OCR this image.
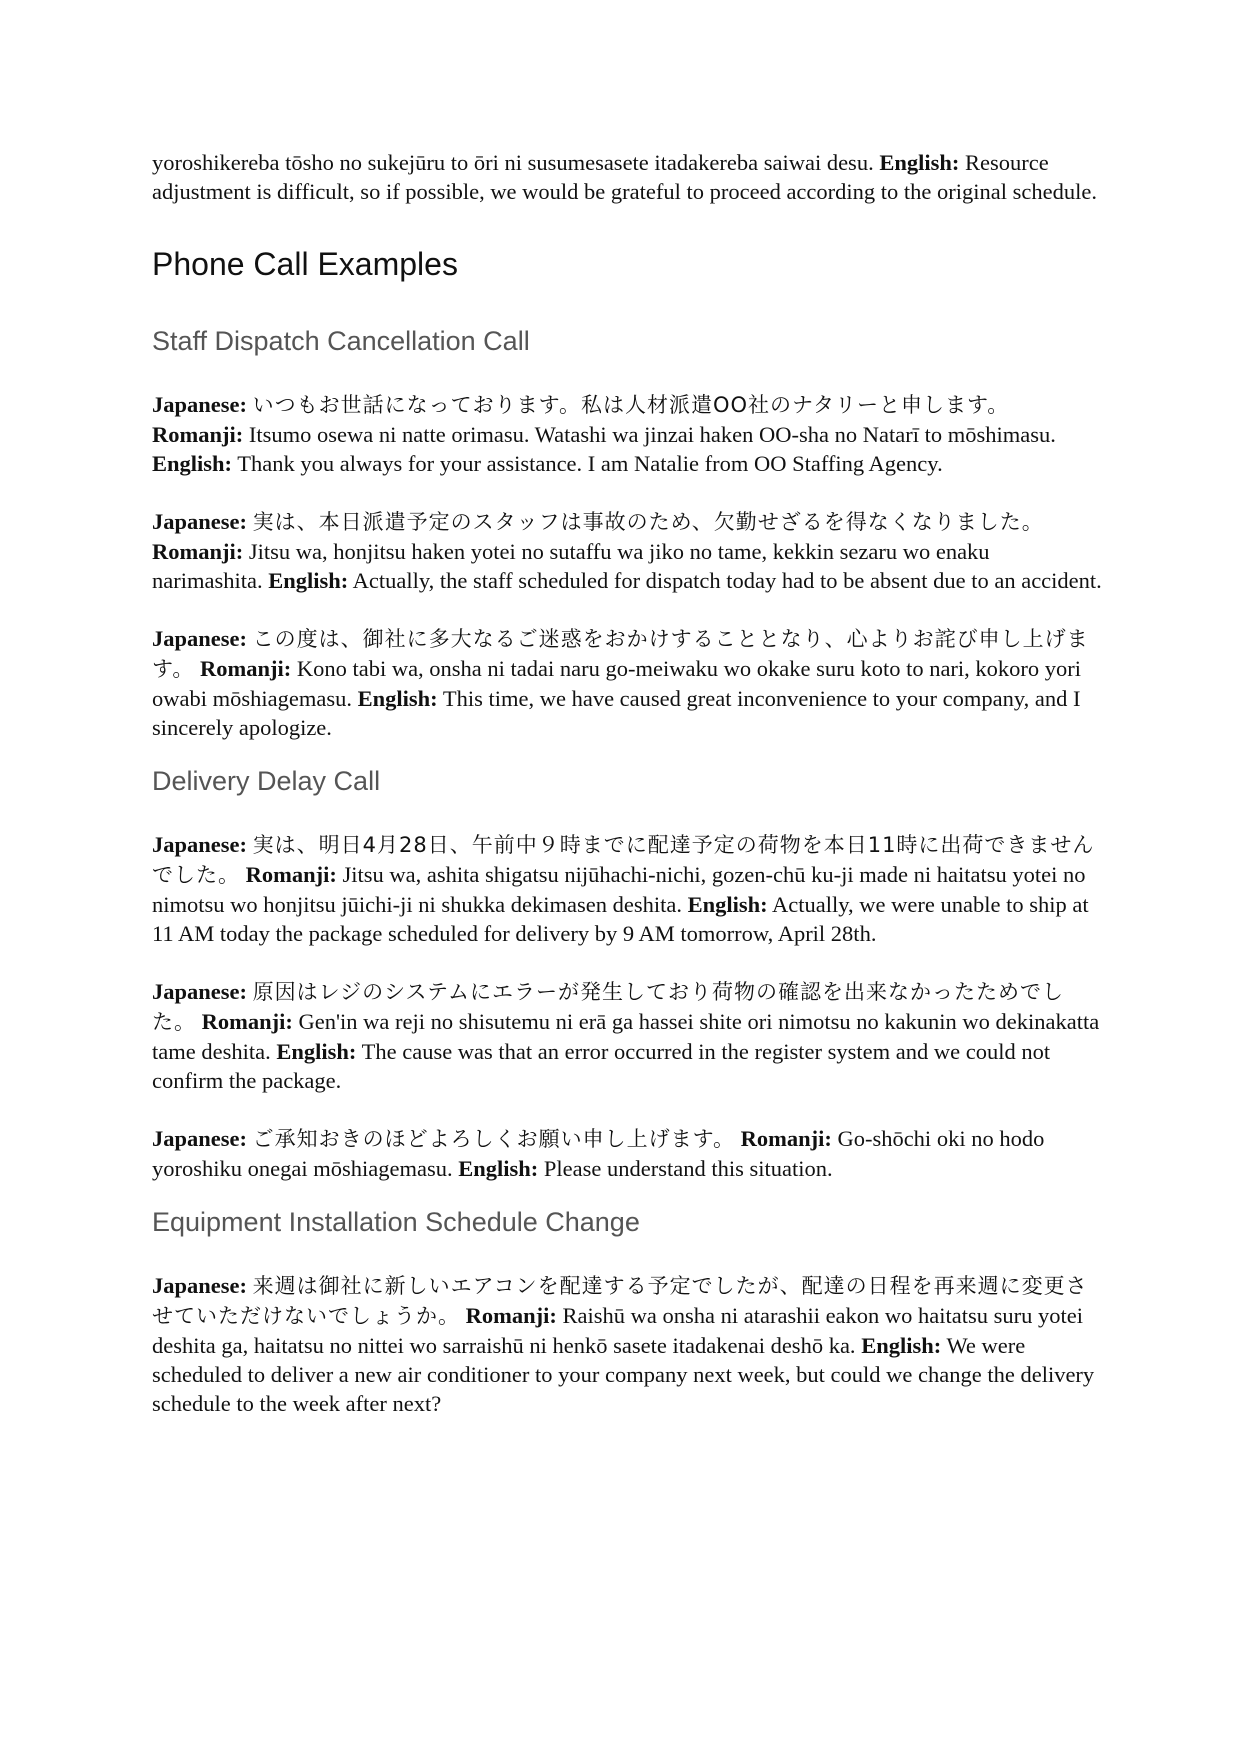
yoroshikereba tōsho no sukejūru to ōri ni susumesasete itadakereba saiwai desu. English: Resource adjustment is difficult, so if possible, we would be grateful to proceed according to the original schedule.

Phone Call Examples
Staff Dispatch Cancellation Call

Japanese: いつもお世話になっております。私は人材派遣OO社のナタリーと申します。 Romanji: Itsumo osewa ni natte orimasu. Watashi wa jinzai haken OO-sha no Natarī to mōshimasu. English: Thank you always for your assistance. I am Natalie from OO Staffing Agency.

Japanese: 実は、本日派遣予定のスタッフは事故のため、欠勤せざるを得なくなりました。 Romanji: Jitsu wa, honjitsu haken yotei no sutaffu wa jiko no tame, kekkin sezaru wo enaku narimashita. English: Actually, the staff scheduled for dispatch today had to be absent due to an accident.

Japanese: この度は、御社に多大なるご迷惑をおかけすることとなり、心よりお詫び申し上げます。 Romanji: Kono tabi wa, onsha ni tadai naru go-meiwaku wo okake suru koto to nari, kokoro yori owabi mōshiagemasu. English: This time, we have caused great inconvenience to your company, and I sincerely apologize.

Delivery Delay Call

Japanese: 実は、明日4月28日、午前中９時までに配達予定の荷物を本日11時に出荷できませんでした。 Romanji: Jitsu wa, ashita shigatsu nijūhachi-nichi, gozen-chū ku-ji made ni haitatsu yotei no nimotsu wo honjitsu jūichi-ji ni shukka dekimasen deshita. English: Actually, we were unable to ship at 11 AM today the package scheduled for delivery by 9 AM tomorrow, April 28th.

Japanese: 原因はレジのシステムにエラーが発生しており荷物の確認を出来なかったためでした。 Romanji: Gen'in wa reji no shisutemu ni erā ga hassei shite ori nimotsu no kakunin wo dekinakatta tame deshita. English: The cause was that an error occurred in the register system and we could not confirm the package.

Japanese: ご承知おきのほどよろしくお願い申し上げます。 Romanji: Go-shōchi oki no hodo yoroshiku onegai mōshiagemasu. English: Please understand this situation.

Equipment Installation Schedule Change

Japanese: 来週は御社に新しいエアコンを配達する予定でしたが、配達の日程を再来週に変更させていただけないでしょうか。 Romanji: Raishū wa onsha ni atarashii eakon wo haitatsu suru yotei deshita ga, haitatsu no nittei wo sarraishū ni henkō sasete itadakenai deshō ka. English: We were scheduled to deliver a new air conditioner to your company next week, but could we change the delivery schedule to the week after next?
